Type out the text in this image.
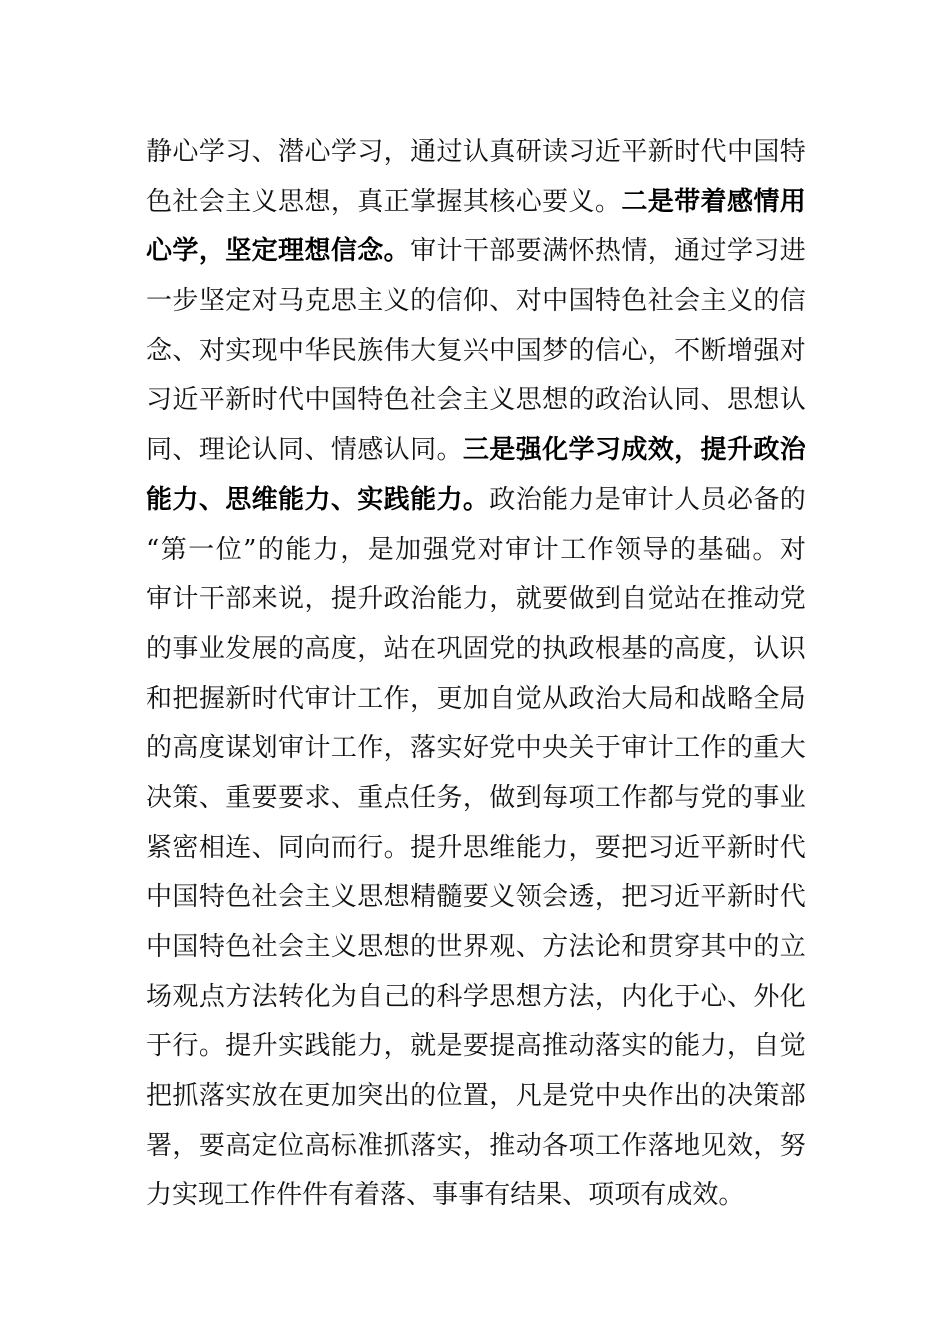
静 心 学 习 、 潜 心 学 习 ， 通 过 认 真 研 读 习 近 平 新 时 代 中 国 特
色 社 会 主 义 思 想 ， 真 正 掌 握 其 核 心 要 义 。 二 是 带 着 感 情 用
心 学 ， 坚 定 理 想 信 念 。 审 计 干 部 要 满 怀 热 情 ， 通 过 学 习 进
一 步 坚 定 对 马 克 思 主 义 的 信 仰 、 对 中 国 特 色 社 会 主 义 的 信
念 、 对 实 现 中 华 民 族 伟 大 复 兴 中 国 梦 的 信 心 ， 不 断 增 强 对
习 近 平 新 时 代 中 国 特 色 社 会 主 义 思 想 的 政 治 认 同 、 思 想 认
同 、 理 论 认 同 、 情 感 认 同 。 三 是 强 化 学 习 成 效 ， 提 升 政 治
能 力 、 思 维 能 力 、 实 践 能 力 。 政 治 能 力 是 审 计 人 员 必 备 的
“ 第 一 位 ” 的 能 力 ， 是 加 强 党 对 审 计 工 作 领 导 的 基 础 。 对
审 计 干 部 来 说 ， 提 升 政 治 能 力 ， 就 要 做 到 自 觉 站 在 推 动 党
的 事 业 发 展 的 高 度 ， 站 在 巩 固 党 的 执 政 根 基 的 高 度 ， 认 识
和 把 握 新 时 代 审 计 工 作 ， 更 加 自 觉 从 政 治 大 局 和 战 略 全 局
的 高 度 谋 划 审 计 工 作 ， 落 实 好 党 中 央 关 于 审 计 工 作 的 重 大
决 策 、 重 要 要 求 、 重 点 任 务 ， 做 到 每 项 工 作 都 与 党 的 事 业
紧 密 相 连 、 同 向 而 行 。 提 升 思 维 能 力 ， 要 把 习 近 平 新 时 代
中 国 特 色 社 会 主 义 思 想 精 髓 要 义 领 会 透 ， 把 习 近 平 新 时 代
中 国 特 色 社 会 主 义 思 想 的 世 界 观 、 方 法 论 和 贯 穿 其 中 的 立
场 观 点 方 法 转 化 为 自 己 的 科 学 思 想 方 法 ， 内 化 于 心 、 外 化
于 行 。 提 升 实 践 能 力 ， 就 是 要 提 高 推 动 落 实 的 能 力 ， 自 觉
把 抓 落 实 放 在 更 加 突 出 的 位 置 ， 凡 是 党 中 央 作 出 的 决 策 部
署 ， 要 高 定 位 高 标 准 抓 落 实 ， 推 动 各 项 工 作 落 地 见 效 ， 努
力 实 现 工 作 件 件 有 着 落 、 事 事 有 结 果 、 项 项 有 成 效 。
